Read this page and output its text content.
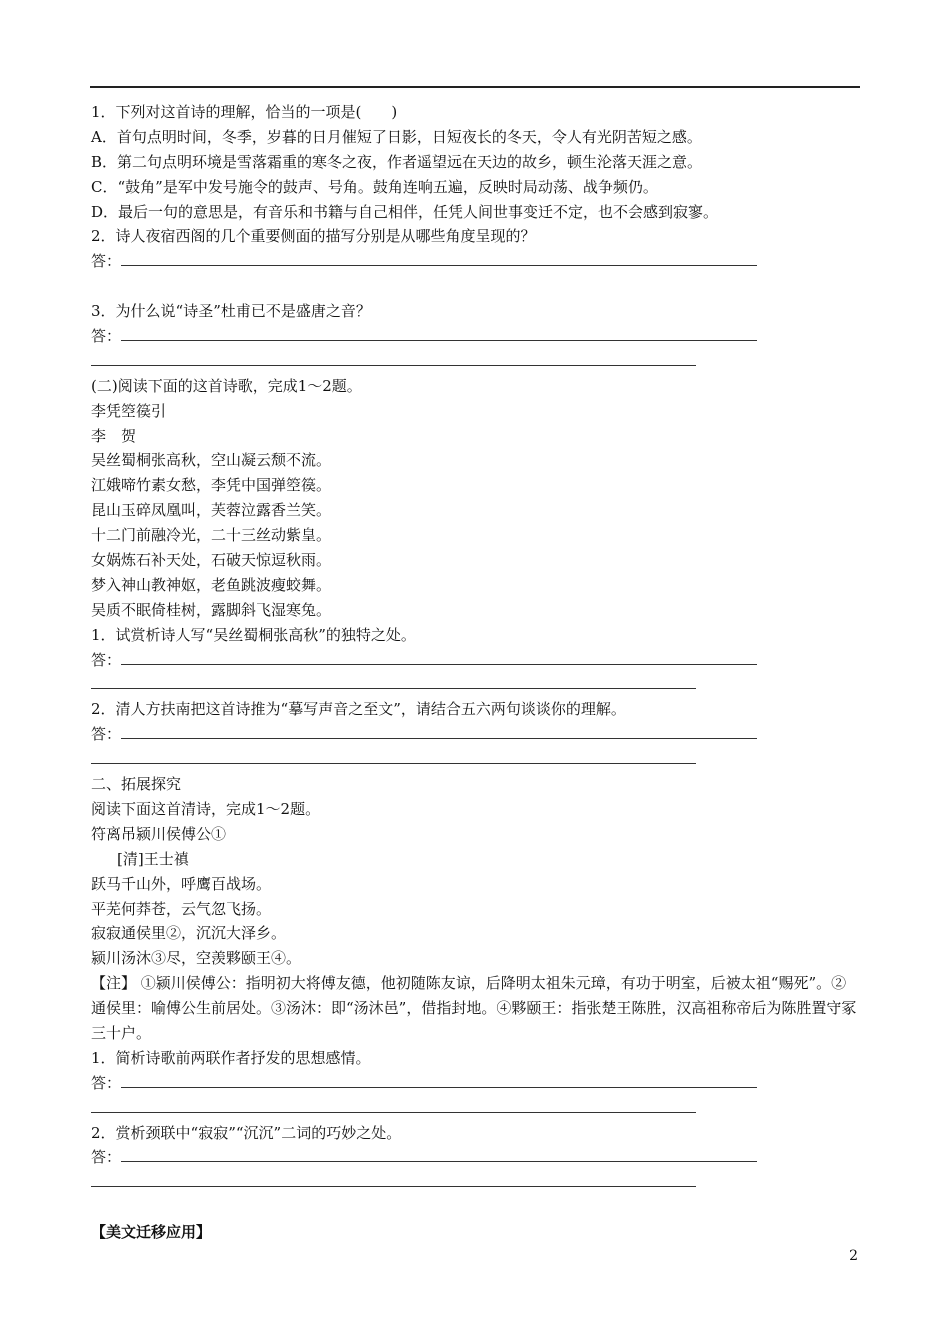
1．下列对这首诗的理解，恰当的一项是(　　)
A．首句点明时间，冬季，岁暮的日月催短了日影，日短夜长的冬天，令人有光阴苦短之感。
B．第二句点明环境是雪落霜重的寒冬之夜，作者遥望远在天边的故乡，顿生沦落天涯之意。
C．“鼓角”是军中发号施令的鼓声、号角。鼓角连响五遍，反映时局动荡、战争频仍。
D．最后一句的意思是，有音乐和书籍与自己相伴，任凭人间世事变迁不定，也不会感到寂寥。
2．诗人夜宿西阁的几个重要侧面的描写分别是从哪些角度呈现的？
答：
3．为什么说“诗圣”杜甫已不是盛唐之音？
答：
(二)阅读下面的这首诗歌，完成1～2题。
李凭箜篌引
李　贺
吴丝蜀桐张高秋，空山凝云颓不流。
江娥啼竹素女愁，李凭中国弹箜篌。
昆山玉碎凤凰叫，芙蓉泣露香兰笑。
十二门前融冷光，二十三丝动紫皇。
女娲炼石补天处，石破天惊逗秋雨。
梦入神山教神妪，老鱼跳波瘦蛟舞。
吴质不眠倚桂树，露脚斜飞湿寒兔。
1．试赏析诗人写“吴丝蜀桐张高秋”的独特之处。
答：
2．清人方扶南把这首诗推为“摹写声音之至文”，请结合五六两句谈谈你的理解。
答：
二、拓展探究
阅读下面这首清诗，完成1～2题。
符离吊颍川侯傅公①
[清]王士禛
跃马千山外，呼鹰百战场。
平芜何莽苍，云气忽飞扬。
寂寂通侯里②，沉沉大泽乡。
颍川汤沐③尽，空羡夥颐王④。
【注】 ①颍川侯傅公：指明初大将傅友德，他初随陈友谅，后降明太祖朱元璋，有功于明室，后被太祖“赐死”。②通侯里：喻傅公生前居处。③汤沐：即“汤沐邑”，借指封地。④夥颐王：指张楚王陈胜，汉高祖称帝后为陈胜置守冢三十户。
1．简析诗歌前两联作者抒发的思想感情。
答：
2．赏析颈联中“寂寂”“沉沉”二词的巧妙之处。
答：
【美文迁移应用】
2
